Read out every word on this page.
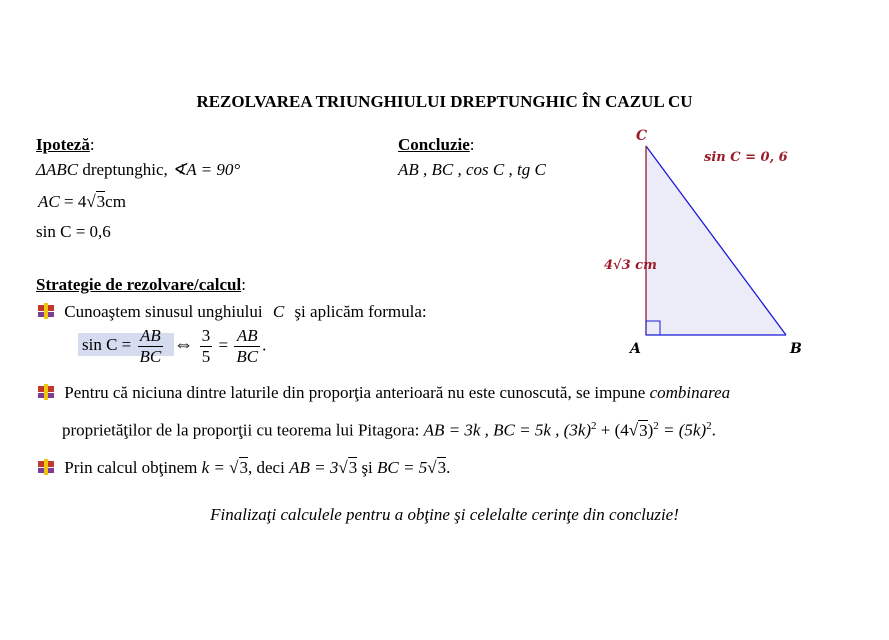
REZOLVAREA TRIUNGHIULUI DREPTUNGHIC ÎN CAZUL CU
Ipoteză:
ΔABC dreptunghic, ∢A = 90°
AC = 4√3cm
sin C = 0,6
Concluzie:
AB , BC , cos C , tg C
Strategie de rezolvare/calcul:
Cunoaştem sinusul unghiului C şi aplicăm formula:
$\sin C = \frac{AB}{BC}$ ⇔ $\frac{3}{5} = \frac{AB}{BC}$ .
Pentru că niciuna dintre laturile din proporţia anterioară nu este cunoscută, se impune combinarea
proprietăţilor de la proporţii cu teorema lui Pitagora: AB = 3k , BC = 5k , $(3k)^2 + (4√3)^2 = (5k)^2$.
Prin calcul obţinem k = √3, deci AB = 3√3 şi BC = 5√3.
Finalizaţi calculele pentru a obţine şi celelalte cerinţe din concluzie!
C
A	B
4√3 cm
sin C = 0, 6
